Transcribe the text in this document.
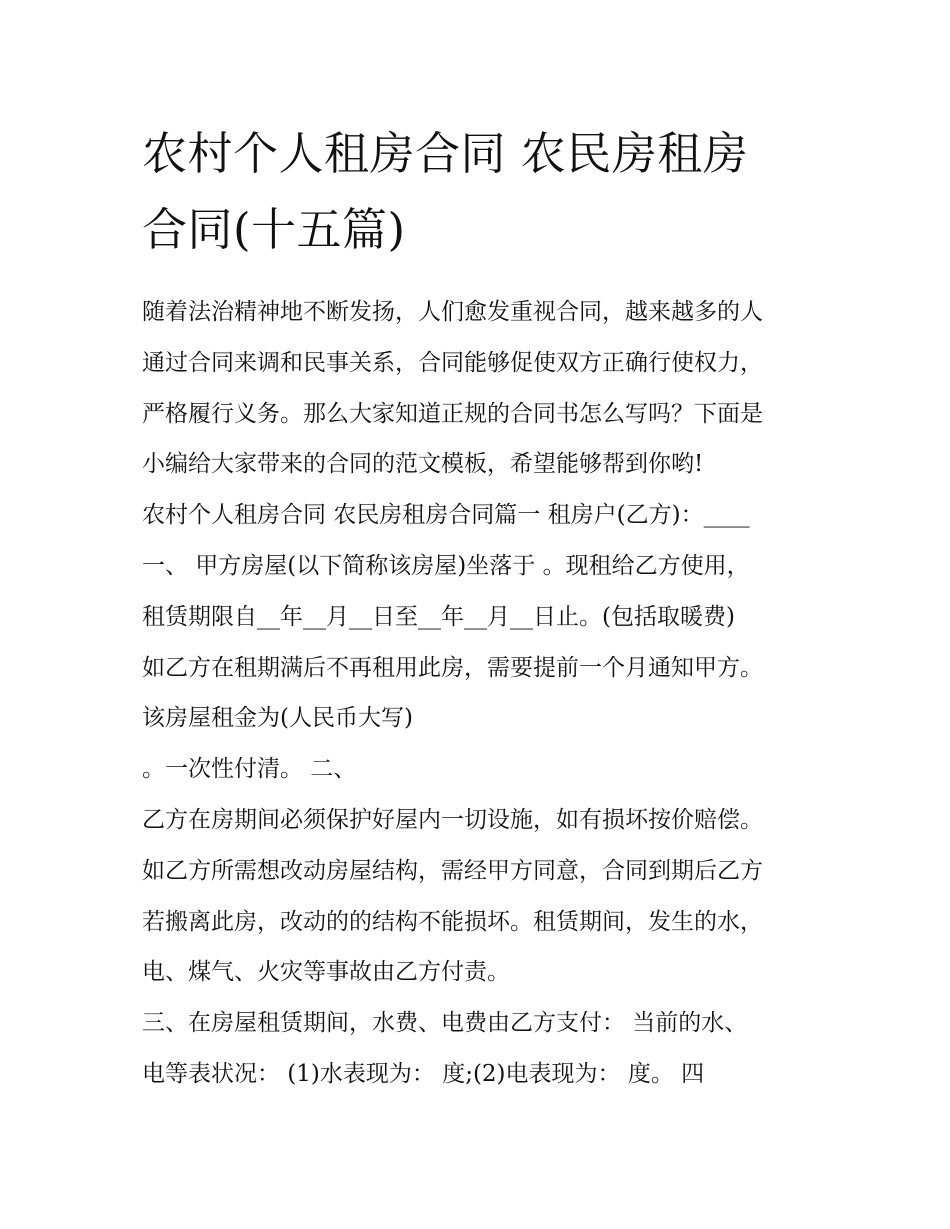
农村个人租房合同 农民房租房
合同(十五篇)
随着法治精神地不断发扬，人们愈发重视合同，越来越多的人
通过合同来调和民事关系，合同能够促使双方正确行使权力，
严格履行义务。那么大家知道正规的合同书怎么写吗？下面是
小编给大家带来的合同的范文模板，希望能够帮到你哟!
农村个人租房合同 农民房租房合同篇一 租房户(乙方)：____
一、 甲方房屋(以下简称该房屋)坐落于 。现租给乙方使用，
租赁期限自__年__月__日至__年__月__日止。(包括取暖费)
如乙方在租期满后不再租用此房，需要提前一个月通知甲方。
该房屋租金为(人民币大写)
。一次性付清。 二、
乙方在房期间必须保护好屋内一切设施，如有损坏按价赔偿。
如乙方所需想改动房屋结构，需经甲方同意，合同到期后乙方
若搬离此房，改动的的结构不能损坏。租赁期间，发生的水，
电、煤气、火灾等事故由乙方付责。
三、在房屋租赁期间，水费、电费由乙方支付： 当前的水、
电等表状况： (1)水表现为： 度;(2)电表现为： 度。 四
